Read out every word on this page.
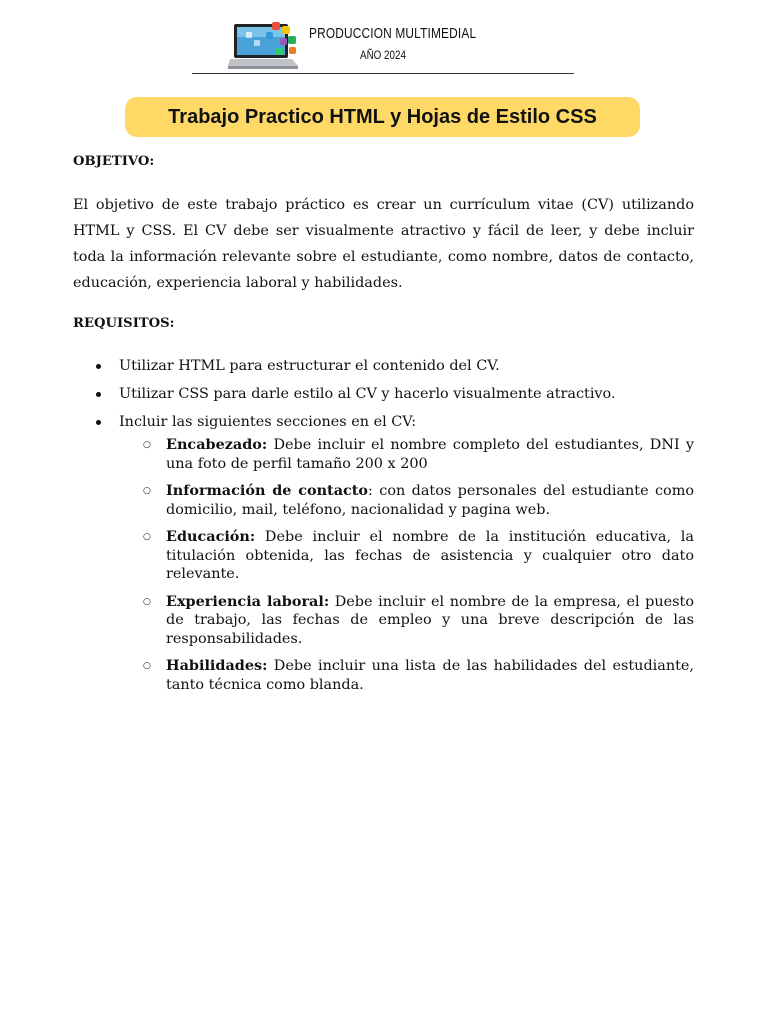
PRODUCCION MULTIMEDIAL
AÑO 2024
Trabajo Practico HTML y Hojas de Estilo CSS

OBJETIVO:

El objetivo de este trabajo práctico es crear un currículum vitae (CV) utilizando HTML y CSS. El CV debe ser visualmente atractivo y fácil de leer, y debe incluir toda la información relevante sobre el estudiante, como nombre, datos de contacto, educación, experiencia laboral y habilidades.

REQUISITOS:

Utilizar HTML para estructurar el contenido del CV.
Utilizar CSS para darle estilo al CV y hacerlo visualmente atractivo.
Incluir las siguientes secciones en el CV:
○ Encabezado: Debe incluir el nombre completo del estudiantes, DNI y una foto de perfil tamaño 200 x 200
○ Información de contacto: con datos personales del estudiante como domicilio, mail, teléfono, nacionalidad y pagina web.
○ Educación: Debe incluir el nombre de la institución educativa, la titulación obtenida, las fechas de asistencia y cualquier otro dato relevante.
○ Experiencia laboral: Debe incluir el nombre de la empresa, el puesto de trabajo, las fechas de empleo y una breve descripción de las responsabilidades.
○ Habilidades: Debe incluir una lista de las habilidades del estudiante, tanto técnica como blanda.
